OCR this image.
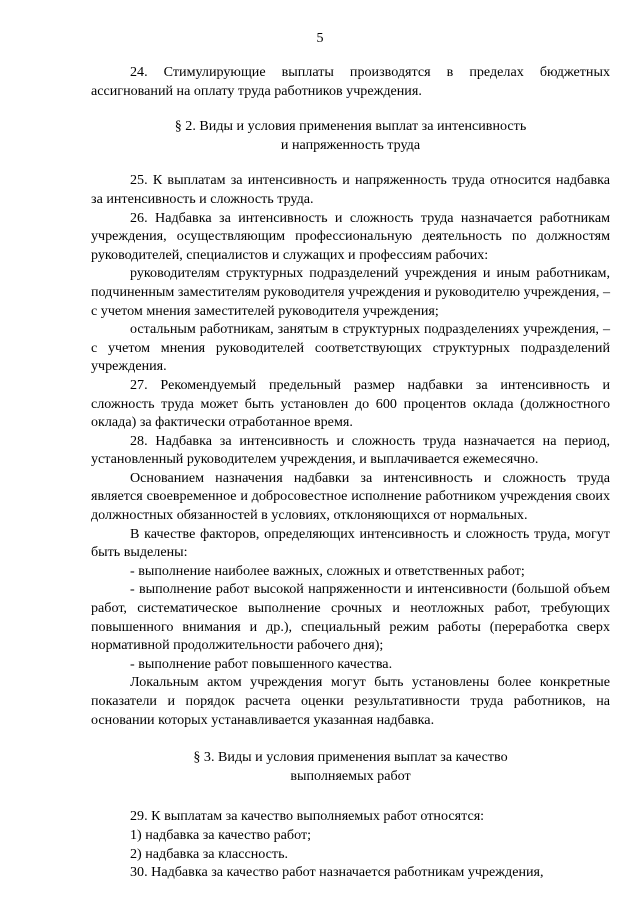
5

24. Стимулирующие выплаты производятся в пределах бюджетных ассигнований на оплату труда работников учреждения.

§ 2. Виды и условия применения выплат за интенсивность
и напряженность труда

25. К выплатам за интенсивность и напряженность труда относится надбавка за интенсивность и сложность труда.

26. Надбавка за интенсивность и сложность труда назначается работникам учреждения, осуществляющим профессиональную деятельность по должностям руководителей, специалистов и служащих и профессиям рабочих:

руководителям структурных подразделений учреждения и иным работникам, подчиненным заместителям руководителя учреждения и руководителю учреждения, – с учетом мнения заместителей руководителя учреждения;

остальным работникам, занятым в структурных подразделениях учреждения, – с учетом мнения руководителей соответствующих структурных подразделений учреждения.

27. Рекомендуемый предельный размер надбавки за интенсивность и сложность труда может быть установлен до 600 процентов оклада (должностного оклада) за фактически отработанное время.

28. Надбавка за интенсивность и сложность труда назначается на период, установленный руководителем учреждения, и выплачивается ежемесячно.

Основанием назначения надбавки за интенсивность и сложность труда является своевременное и добросовестное исполнение работником учреждения своих должностных обязанностей в условиях, отклоняющихся от нормальных.

В качестве факторов, определяющих интенсивность и сложность труда, могут быть выделены:

- выполнение наиболее важных, сложных и ответственных работ;

- выполнение работ высокой напряженности и интенсивности (большой объем работ, систематическое выполнение срочных и неотложных работ, требующих повышенного внимания и др.), специальный режим работы (переработка сверх нормативной продолжительности рабочего дня);

- выполнение работ повышенного качества.

Локальным актом учреждения могут быть установлены более конкретные показатели и порядок расчета оценки результативности труда работников, на основании которых устанавливается указанная надбавка.

§ 3. Виды и условия применения выплат за качество
выполняемых работ

29. К выплатам за качество выполняемых работ относятся:

1) надбавка за качество работ;

2) надбавка за классность.

30. Надбавка за качество работ назначается работникам учреждения,
